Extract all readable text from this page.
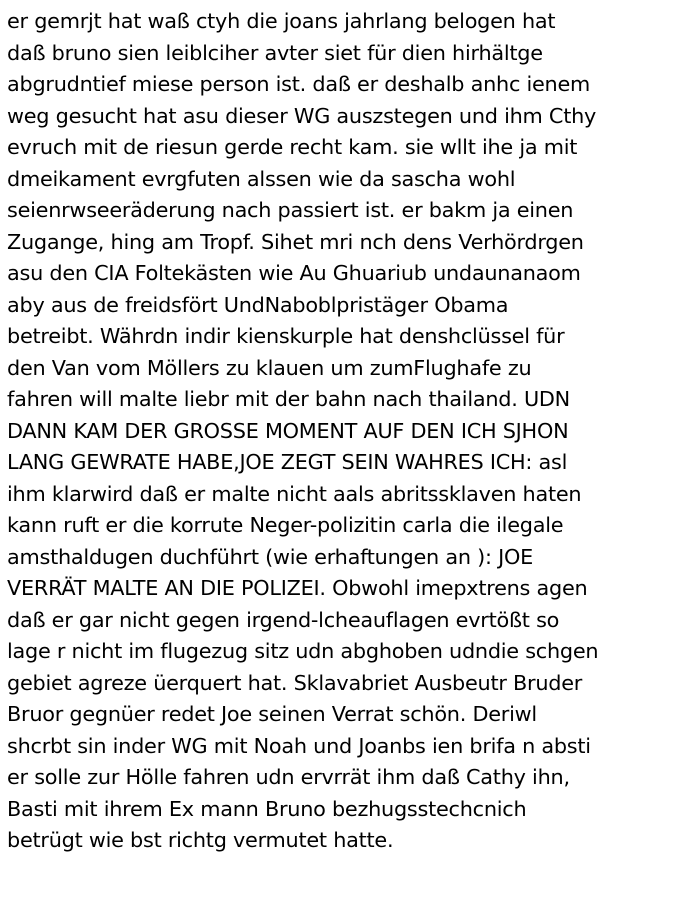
er gemrjt hat waß ctyh die joans jahrlang belogen hat
daß bruno sien leiblciher avter siet für dien hirhältge
abgrudntief miese person ist. daß er deshalb anhc ienem
weg gesucht hat asu dieser WG auszstegen und ihm Cthy
evruch mit de riesun gerde recht kam. sie wllt ihe ja mit
dmeikament evrgfuten alssen wie da sascha wohl
seienrwseeräderung nach passiert ist. er bakm ja einen
Zugange, hing am Tropf. Sihet mri nch dens Verhördrgen
asu den CIA Foltekästen wie Au Ghuariub undaunanaom
aby aus de freidsfört UndNaboblpristäger Obama
betreibt. Währdn indir kienskurple hat denshclüssel für
den Van vom Möllers zu klauen um zumFlughafe zu
fahren will malte liebr mit der bahn nach thailand. UDN
DANN KAM DER GROSSE MOMENT AUF DEN ICH SJHON
LANG GEWRATE HABE,JOE ZEGT SEIN WAHRES ICH: asl
ihm klarwird daß er malte nicht aals abritssklaven haten
kann ruft er die korrute Neger-polizitin carla die ilegale
amsthaldugen duchführt (wie erhaftungen an ): JOE
VERRÄT MALTE AN DIE POLIZEI. Obwohl imepxtrens agen
daß er gar nicht gegen irgend-lcheauflagen evrtößt so
lage r nicht im flugezug sitz udn abghoben udndie schgen
gebiet agreze üerquert hat. Sklavabriet Ausbeutr Bruder
Bruor gegnüer redet Joe seinen Verrat schön. Deriwl
shcrbt sin inder WG mit Noah und Joanbs ien brifa n absti
er solle zur Hölle fahren udn ervrrät ihm daß Cathy ihn,
Basti mit ihrem Ex mann Bruno bezhugsstechcnich
betrügt wie bst richtg vermutet hatte.
